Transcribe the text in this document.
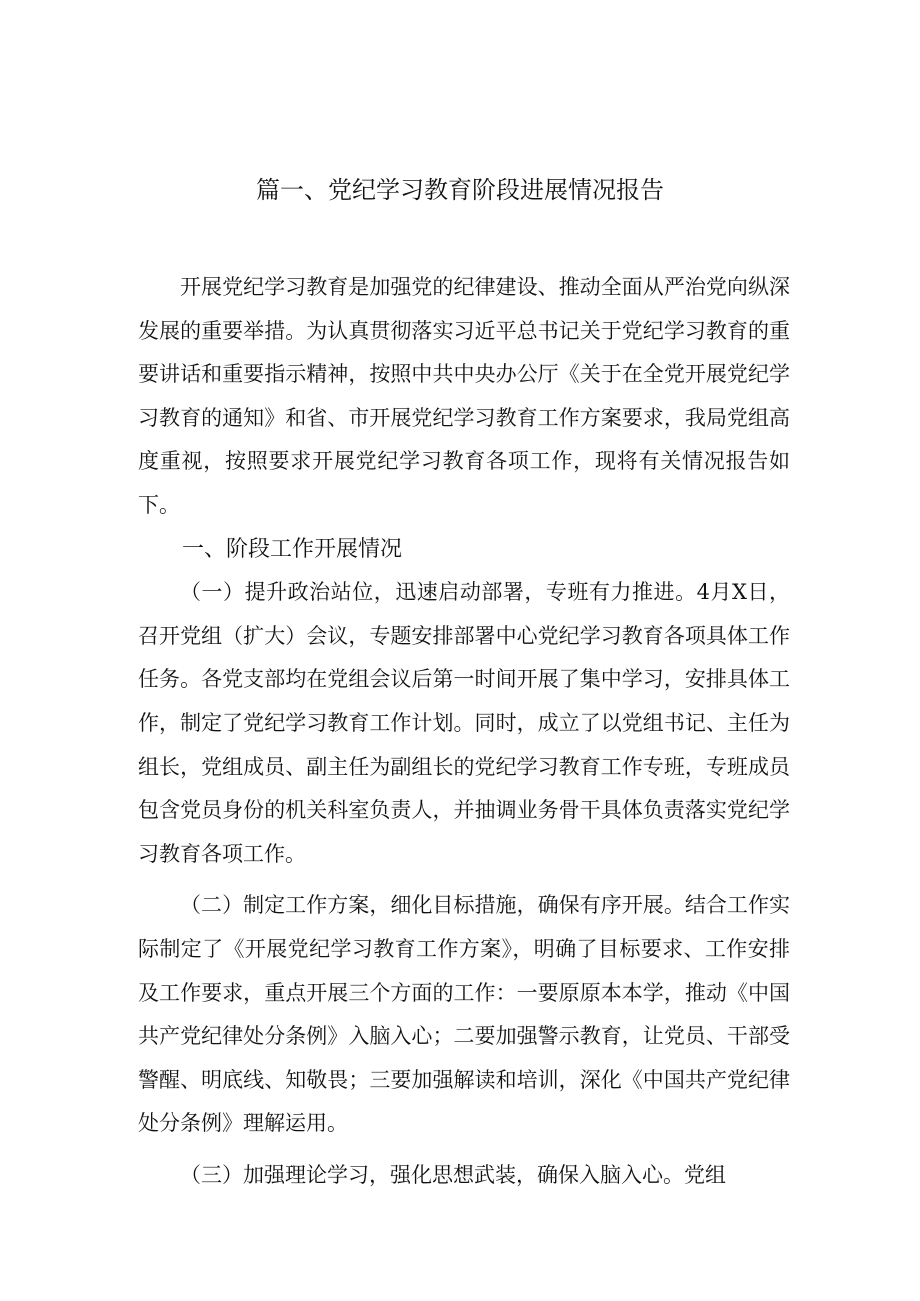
篇一、党纪学习教育阶段进展情况报告

开展党纪学习教育是加强党的纪律建设、推动全面从严治党向纵深发展的重要举措。为认真贯彻落实习近平总书记关于党纪学习教育的重要讲话和重要指示精神，按照中共中央办公厅《关于在全党开展党纪学习教育的通知》和省、市开展党纪学习教育工作方案要求，我局党组高度重视，按照要求开展党纪学习教育各项工作，现将有关情况报告如下。

一、阶段工作开展情况

（一）提升政治站位，迅速启动部署，专班有力推进。4月X日，召开党组（扩大）会议，专题安排部署中心党纪学习教育各项具体工作任务。各党支部均在党组会议后第一时间开展了集中学习，安排具体工作，制定了党纪学习教育工作计划。同时，成立了以党组书记、主任为组长，党组成员、副主任为副组长的党纪学习教育工作专班，专班成员包含党员身份的机关科室负责人，并抽调业务骨干具体负责落实党纪学习教育各项工作。

（二）制定工作方案，细化目标措施，确保有序开展。结合工作实际制定了《开展党纪学习教育工作方案》，明确了目标要求、工作安排及工作要求，重点开展三个方面的工作：一要原原本本学，推动《中国共产党纪律处分条例》入脑入心；二要加强警示教育，让党员、干部受警醒、明底线、知敬畏；三要加强解读和培训，深化《中国共产党纪律处分条例》理解运用。

（三）加强理论学习，强化思想武装，确保入脑入心。党组
